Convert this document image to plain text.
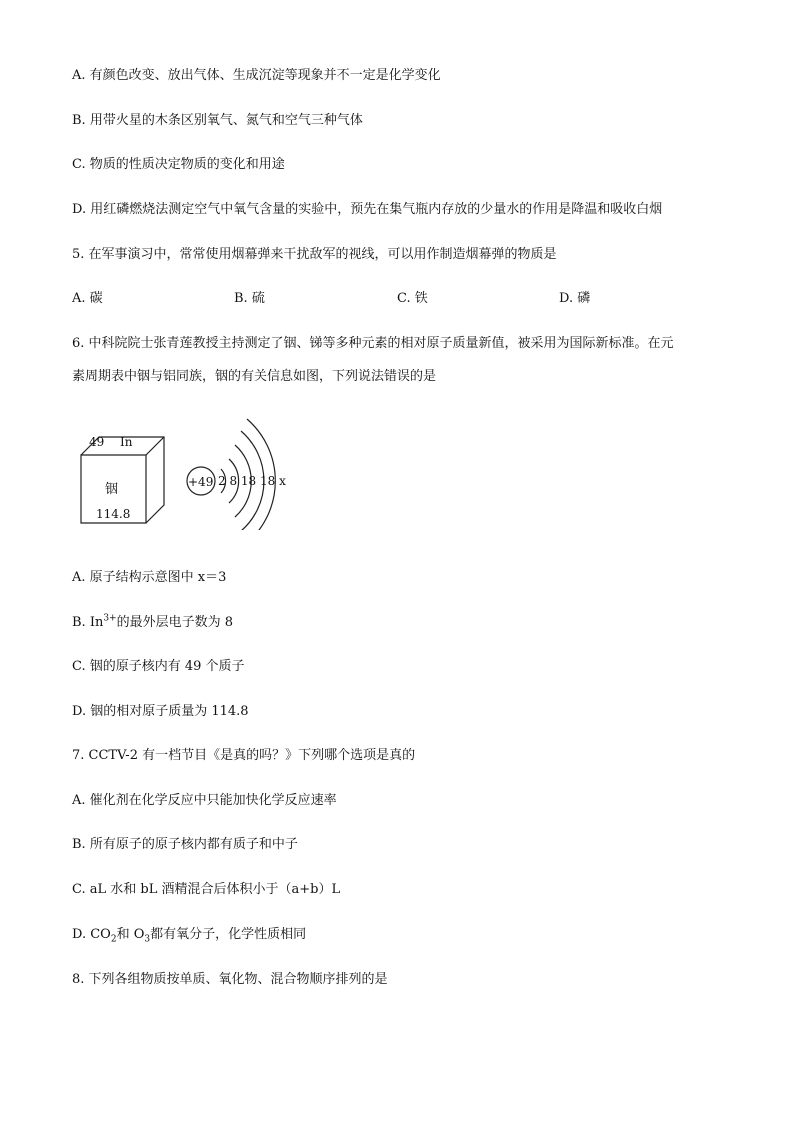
A. 有颜色改变、放出气体、生成沉淀等现象并不一定是化学变化
B. 用带火星的木条区别氧气、氮气和空气三种气体
C. 物质的性质决定物质的变化和用途
D. 用红磷燃烧法测定空气中氧气含量的实验中，预先在集气瓶内存放的少量水的作用是降温和吸收白烟
5. 在军事演习中，常常使用烟幕弹来干扰敌军的视线，可以用作制造烟幕弹的物质是
A. 碳	B. 硫	C. 铁	D. 磷
6. 中科院院士张青莲教授主持测定了铟、锑等多种元素的相对原子质量新值，被采用为国际新标准。在元
素周期表中铟与铝同族，铟的有关信息如图，下列说法错误的是
49 In
铟
114.8
+49 2 8 18 18 x
A. 原子结构示意图中 x＝3
B. $In^{3+}$的最外层电子数为 8
C. 铟的原子核内有 49 个质子
D. 铟的相对原子质量为 114.8
7. CCTV-2 有一档节目《是真的吗？》下列哪个选项是真的
A. 催化剂在化学反应中只能加快化学反应速率
B. 所有原子的原子核内都有质子和中子
C. aL 水和 bL 酒精混合后体积小于（a+b）L
D. $CO_2$和 $O_3$都有氧分子，化学性质相同
8. 下列各组物质按单质、氧化物、混合物顺序排列的是
